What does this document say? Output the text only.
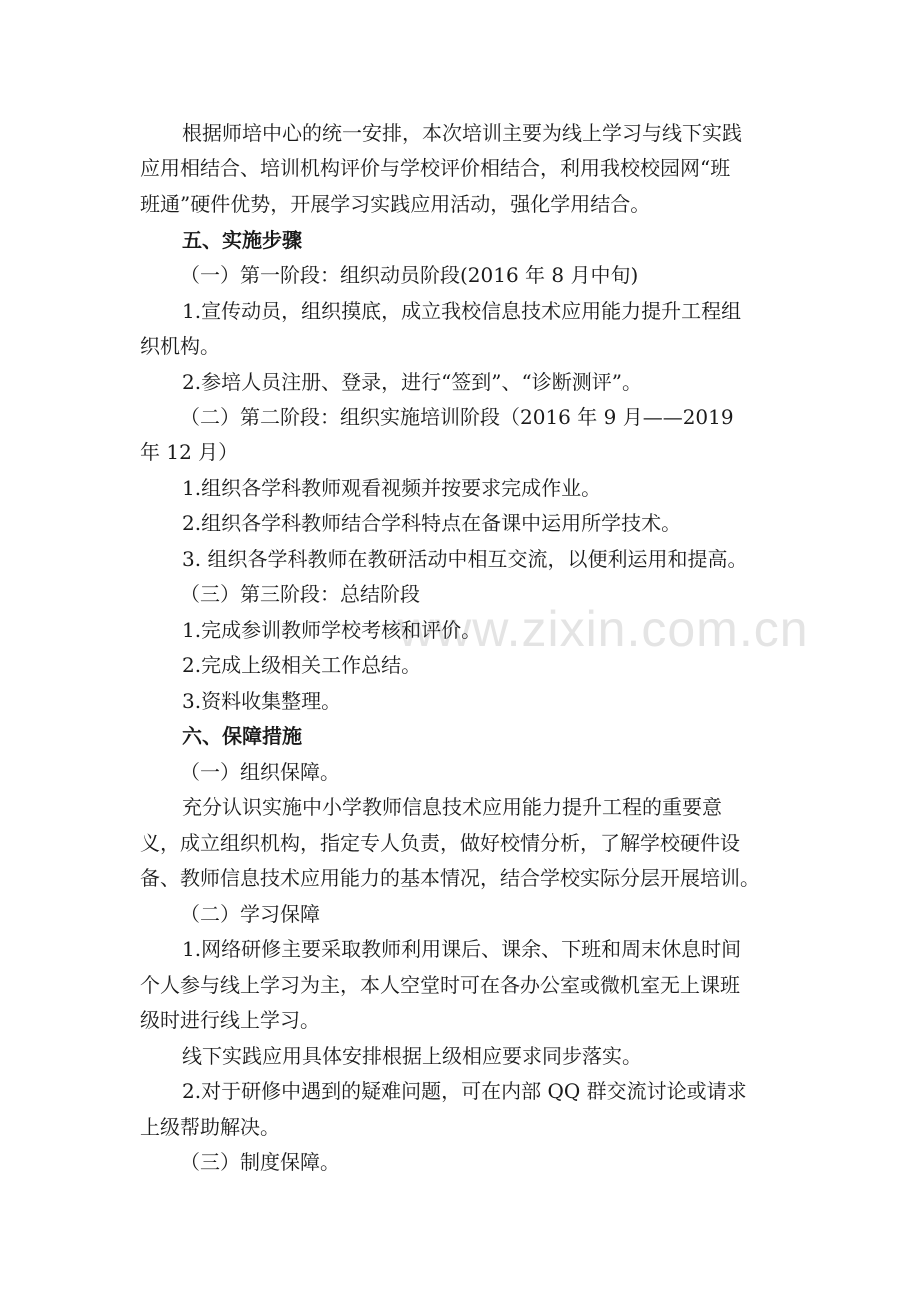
www.zixin.com.cn
根据师培中心的统一安排，本次培训主要为线上学习与线下实践
应用相结合、培训机构评价与学校评价相结合，利用我校校园网“班
班通”硬件优势，开展学习实践应用活动，强化学用结合。
五、实施步骤
（一）第一阶段：组织动员阶段(2016 年 8 月中旬)
1.宣传动员，组织摸底，成立我校信息技术应用能力提升工程组
织机构。
2.参培人员注册、登录，进行“签到”、“诊断测评”。
（二）第二阶段：组织实施培训阶段（2016 年 9 月——2019
年 12 月）
1.组织各学科教师观看视频并按要求完成作业。
2.组织各学科教师结合学科特点在备课中运用所学技术。
3. 组织各学科教师在教研活动中相互交流，以便利运用和提高。
（三）第三阶段：总结阶段
1.完成参训教师学校考核和评价。
2.完成上级相关工作总结。
3.资料收集整理。
六、保障措施
（一）组织保障。
充分认识实施中小学教师信息技术应用能力提升工程的重要意
义，成立组织机构，指定专人负责，做好校情分析，了解学校硬件设
备、教师信息技术应用能力的基本情况，结合学校实际分层开展培训。
（二）学习保障
1.网络研修主要采取教师利用课后、课余、下班和周末休息时间
个人参与线上学习为主，本人空堂时可在各办公室或微机室无上课班
级时进行线上学习。
线下实践应用具体安排根据上级相应要求同步落实。
2.对于研修中遇到的疑难问题，可在内部 QQ 群交流讨论或请求
上级帮助解决。
（三）制度保障。
